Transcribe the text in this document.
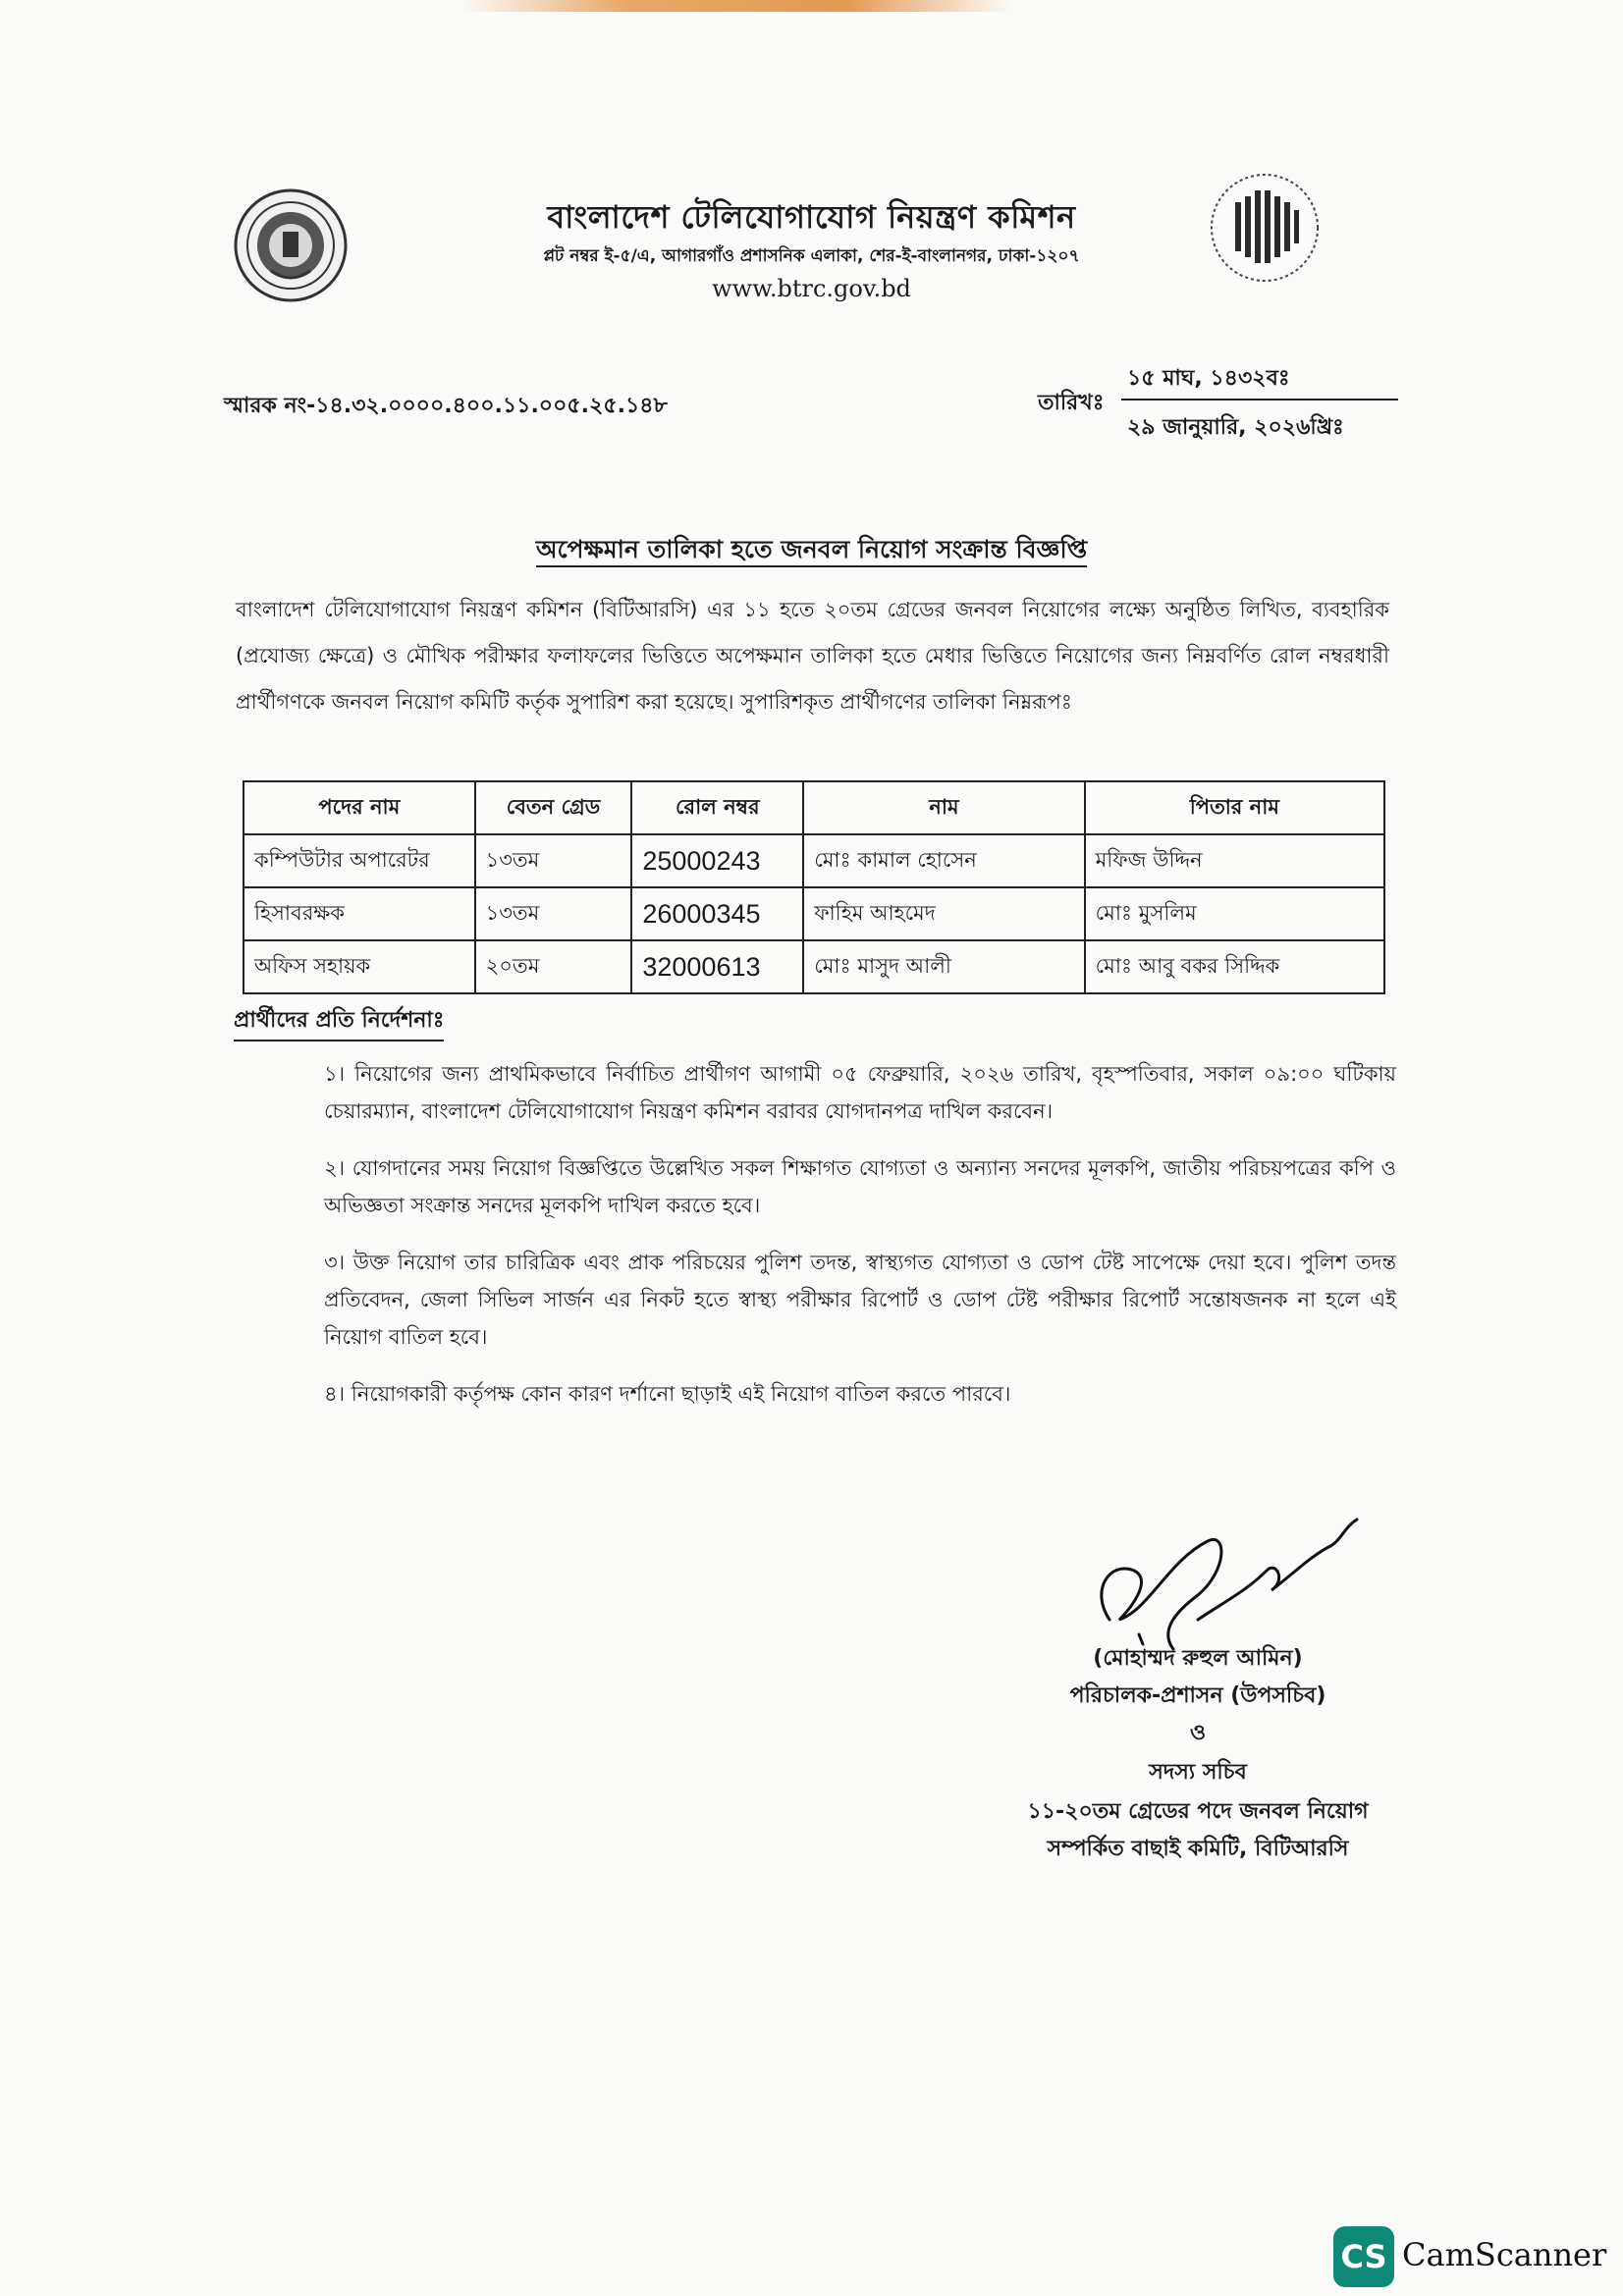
বাংলাদেশ টেলিযোগাযোগ নিয়ন্ত্রণ কমিশন
প্লট নম্বর ই-৫/এ, আগারগাঁও প্রশাসনিক এলাকা, শের-ই-বাংলানগর, ঢাকা-১২০৭
www.btrc.gov.bd
স্মারক নং-১৪.৩২.০০০০.৪০০.১১.০০৫.২৫.১৪৮	তারিখঃ
১৫ মাঘ, ১৪৩২বঃ
২৯ জানুয়ারি, ২০২৬খ্রিঃ
অপেক্ষমান তালিকা হতে জনবল নিয়োগ সংক্রান্ত বিজ্ঞপ্তি
বাংলাদেশ টেলিযোগাযোগ নিয়ন্ত্রণ কমিশন (বিটিআরসি) এর ১১ হতে ২০তম গ্রেডের জনবল নিয়োগের লক্ষ্যে অনুষ্ঠিত লিখিত, ব্যবহারিক (প্রযোজ্য ক্ষেত্রে) ও মৌখিক পরীক্ষার ফলাফলের ভিত্তিতে অপেক্ষমান তালিকা হতে মেধার ভিত্তিতে নিয়োগের জন্য নিম্নবর্ণিত রোল নম্বরধারী প্রার্থীগণকে জনবল নিয়োগ কমিটি কর্তৃক সুপারিশ করা হয়েছে। সুপারিশকৃত প্রার্থীগণের তালিকা নিম্নরূপঃ
পদের নাম	বেতন গ্রেড	রোল নম্বর	নাম	পিতার নাম
কম্পিউটার অপারেটর	১৩তম	25000243	মোঃ কামাল হোসেন	মফিজ উদ্দিন
হিসাবরক্ষক	১৩তম	26000345	ফাহিম আহমেদ	মোঃ মুসলিম
অফিস সহায়ক	২০তম	32000613	মোঃ মাসুদ আলী	মোঃ আবু বকর সিদ্দিক
প্রার্থীদের প্রতি নির্দেশনাঃ

১। নিয়োগের জন্য প্রাথমিকভাবে নির্বাচিত প্রার্থীগণ আগামী ০৫ ফেব্রুয়ারি, ২০২৬ তারিখ, বৃহস্পতিবার, সকাল ০৯:০০ ঘটিকায় চেয়ারম্যান, বাংলাদেশ টেলিযোগাযোগ নিয়ন্ত্রণ কমিশন বরাবর যোগদানপত্র দাখিল করবেন।

২। যোগদানের সময় নিয়োগ বিজ্ঞপ্তিতে উল্লেখিত সকল শিক্ষাগত যোগ্যতা ও অন্যান্য সনদের মূলকপি, জাতীয় পরিচয়পত্রের কপি ও অভিজ্ঞতা সংক্রান্ত সনদের মূলকপি দাখিল করতে হবে।

৩। উক্ত নিয়োগ তার চারিত্রিক এবং প্রাক পরিচয়ের পুলিশ তদন্ত, স্বাস্থ্যগত যোগ্যতা ও ডোপ টেষ্ট সাপেক্ষে দেয়া হবে। পুলিশ তদন্ত প্রতিবেদন, জেলা সিভিল সার্জন এর নিকট হতে স্বাস্থ্য পরীক্ষার রিপোর্ট ও ডোপ টেষ্ট পরীক্ষার রিপোর্ট সন্তোষজনক না হলে এই নিয়োগ বাতিল হবে।

৪। নিয়োগকারী কর্তৃপক্ষ কোন কারণ দর্শানো ছাড়াই এই নিয়োগ বাতিল করতে পারবে।

(মোহাম্মদ রুহুল আমিন)
পরিচালক-প্রশাসন (উপসচিব)
ও
সদস্য সচিব
১১-২০তম গ্রেডের পদে জনবল নিয়োগ
সম্পর্কিত বাছাই কমিটি, বিটিআরসি
CS CamScanner
